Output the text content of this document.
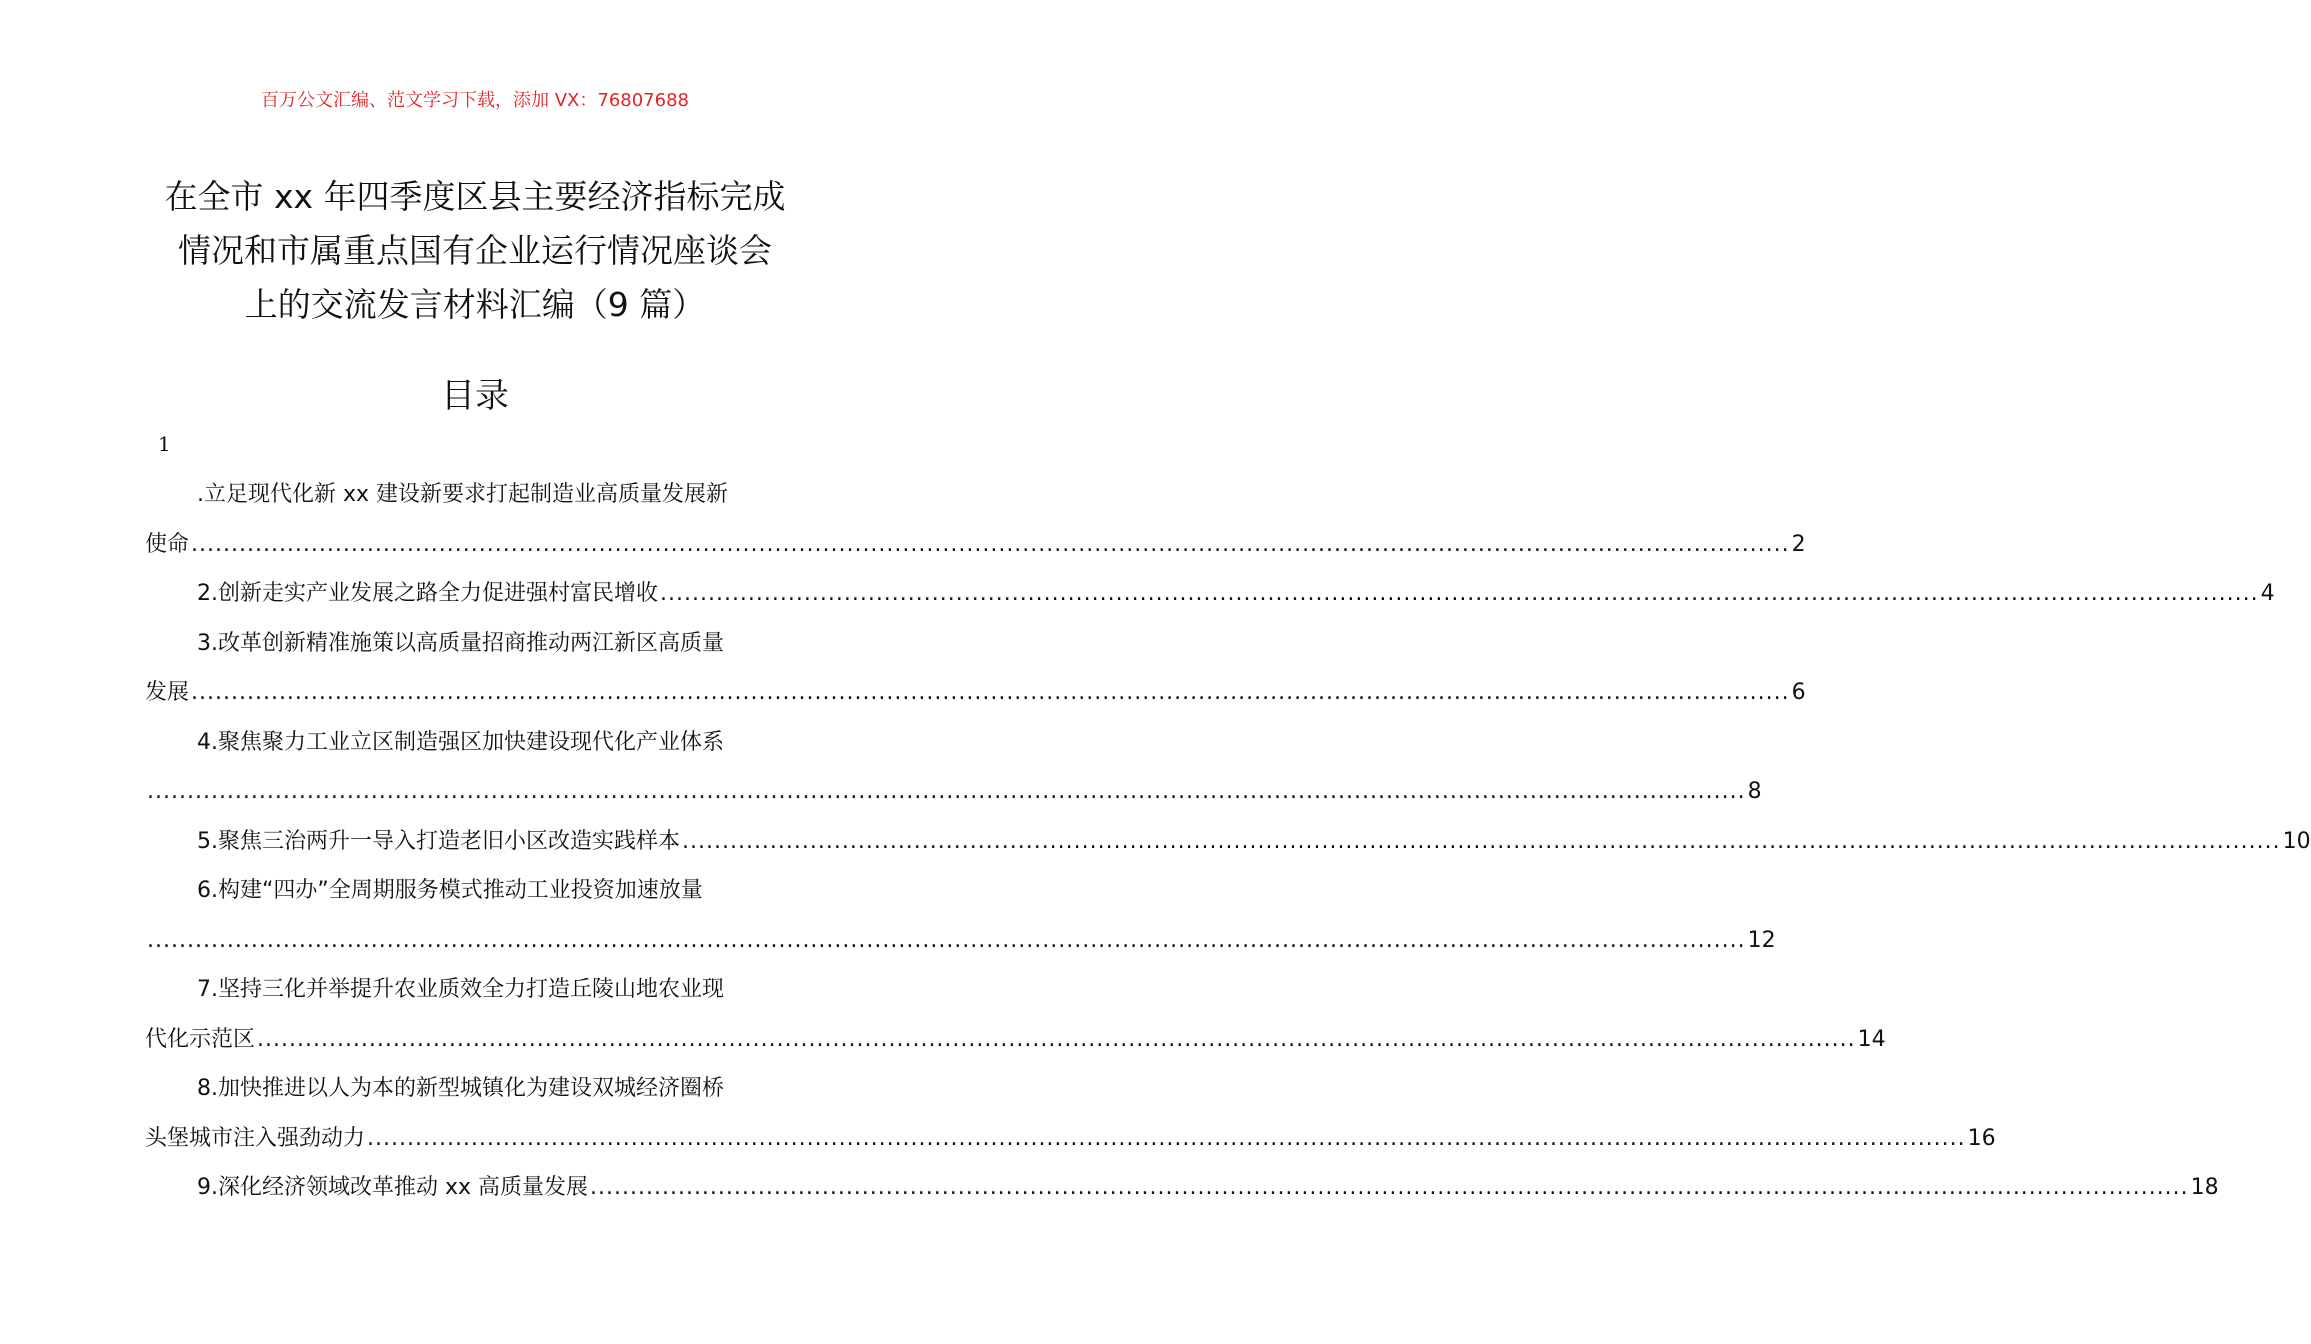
百万公文汇编、范文学习下载，添加 VX：76807688
在全市 xx 年四季度区县主要经济指标完成
情况和市属重点国有企业运行情况座谈会
上的交流发言材料汇编（9 篇）
目录
1
.立足现代化新 xx 建设新要求打起制造业高质量发展新
使命 ........................................................................................................................................................................................................ 2
2.创新走实产业发展之路全力促进强村富民增收 ........................................................................................................................................................................................................ 4
3.改革创新精准施策以高质量招商推动两江新区高质量
发展 ........................................................................................................................................................................................................ 6
4.聚焦聚力工业立区制造强区加快建设现代化产业体系
........................................................................................................................................................................................................ 8
5.聚焦三治两升一导入打造老旧小区改造实践样本 ........................................................................................................................................................................................................ 10
6.构建“四办”全周期服务模式推动工业投资加速放量
........................................................................................................................................................................................................ 12
7.坚持三化并举提升农业质效全力打造丘陵山地农业现
代化示范区 ........................................................................................................................................................................................................ 14
8.加快推进以人为本的新型城镇化为建设双城经济圈桥
头堡城市注入强劲动力 ........................................................................................................................................................................................................ 16
9.深化经济领域改革推动 xx 高质量发展 ........................................................................................................................................................................................................ 18
